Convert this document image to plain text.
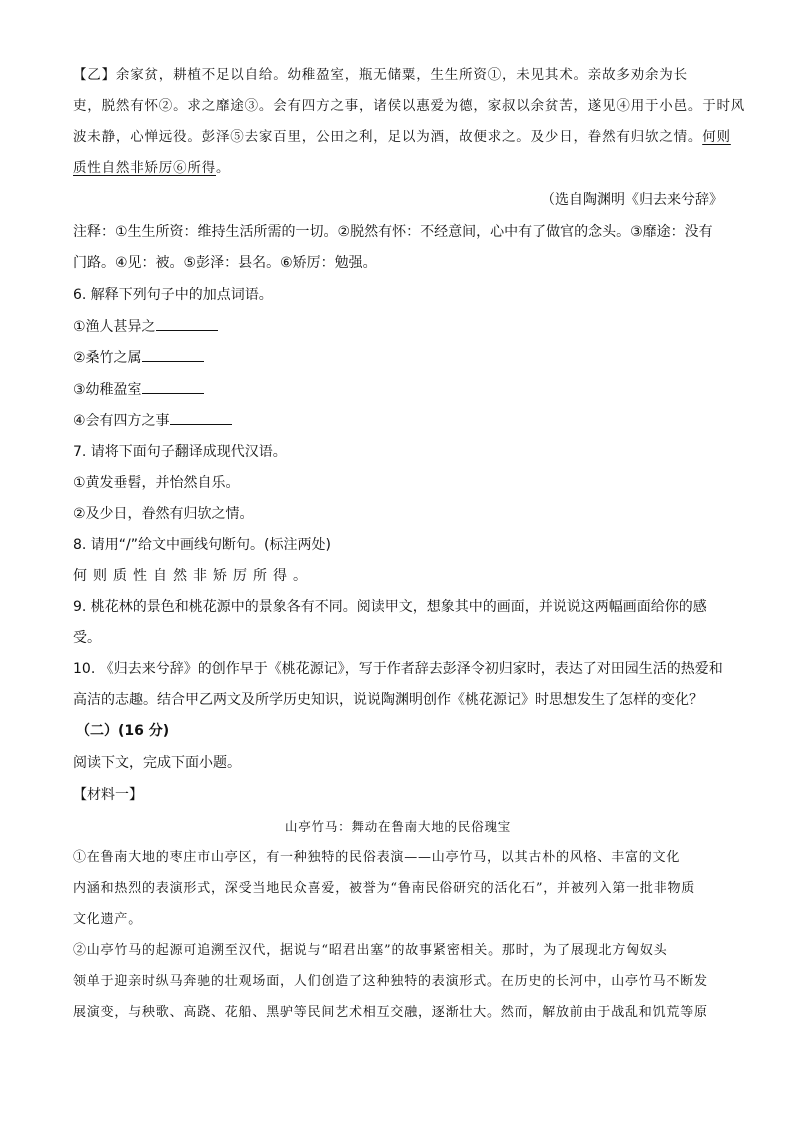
【乙】余家贫，耕植不足以自给。幼稚盈室，瓶无储粟，生生所资①，未见其术。亲故多劝余为长

吏，脱然有怀②。求之靡途③。会有四方之事，诸侯以惠爱为德，家叔以余贫苦，遂见④用于小邑。于时风

波未静，心惮远役。彭泽⑤去家百里，公田之利，足以为酒，故便求之。及少日，眷然有归欤之情。何则

质性自然非矫厉⑥所得。

（选自陶渊明《归去来兮辞》

注释：①生生所资：维持生活所需的一切。②脱然有怀：不经意间，心中有了做官的念头。③靡途：没有

门路。④见：被。⑤彭泽：县名。⑥矫厉：勉强。

6. 解释下列句子中的加点词语。

①渔人甚异之

②桑竹之属

③幼稚盈室

④会有四方之事

7. 请将下面句子翻译成现代汉语。

①黄发垂髫，并怡然自乐。

②及少日，眷然有归欤之情。

8. 请用“/”给文中画线句断句。(标注两处)

何则质性自然非矫厉所得。

9. 桃花林的景色和桃花源中的景象各有不同。阅读甲文，想象其中的画面，并说说这两幅画面给你的感

受。

10. 《归去来兮辞》的创作早于《桃花源记》，写于作者辞去彭泽令初归家时，表达了对田园生活的热爱和

高洁的志趣。结合甲乙两文及所学历史知识，说说陶渊明创作《桃花源记》时思想发生了怎样的变化？

（二）(16 分)

阅读下文，完成下面小题。

【材料一】

山亭竹马：舞动在鲁南大地的民俗瑰宝

①在鲁南大地的枣庄市山亭区，有一种独特的民俗表演——山亭竹马，以其古朴的风格、丰富的文化

内涵和热烈的表演形式，深受当地民众喜爱，被誉为“鲁南民俗研究的活化石”，并被列入第一批非物质

文化遗产。

②山亭竹马的起源可追溯至汉代，据说与“昭君出塞”的故事紧密相关。那时，为了展现北方匈奴头

领单于迎亲时纵马奔驰的壮观场面，人们创造了这种独特的表演形式。在历史的长河中，山亭竹马不断发

展演变，与秧歌、高跷、花船、黑驴等民间艺术相互交融，逐渐壮大。然而，解放前由于战乱和饥荒等原
